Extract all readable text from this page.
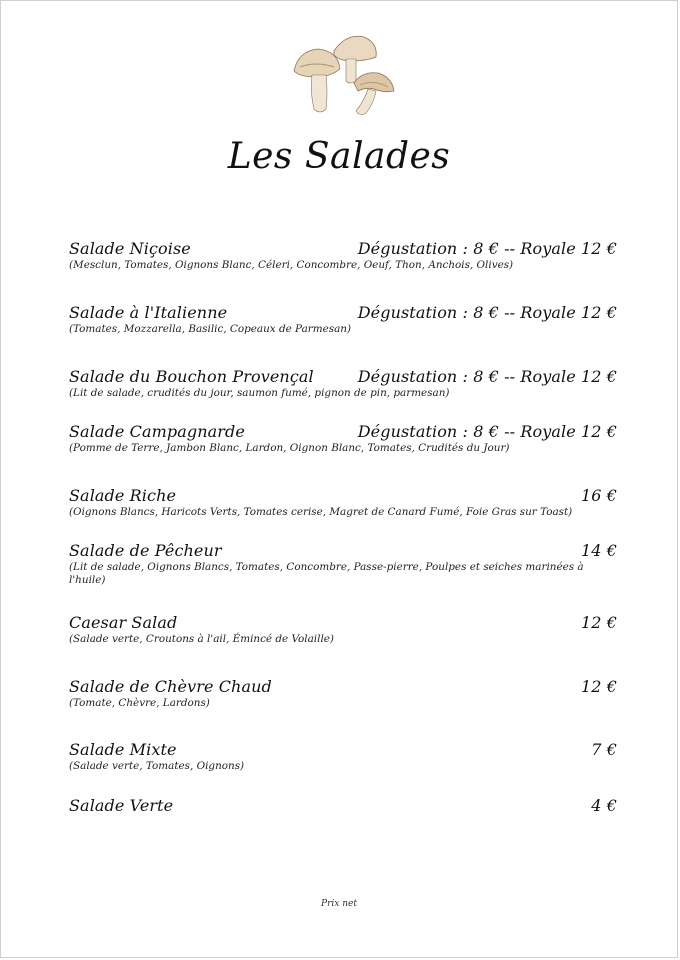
Les Salades
Salade Niçoise	Dégustation : 8 € -- Royale 12 €
(Mesclun, Tomates, Oignons Blanc, Céleri, Concombre, Oeuf, Thon, Anchois, Olives)
Salade à l'Italienne	Dégustation : 8 € -- Royale 12 €
(Tomates, Mozzarella, Basilic, Copeaux de Parmesan)
Salade du Bouchon Provençal	Dégustation : 8 € -- Royale 12 €
(Lit de salade, crudités du jour, saumon fumé, pignon de pin, parmesan)
Salade Campagnarde	Dégustation : 8 € -- Royale 12 €
(Pomme de Terre, Jambon Blanc, Lardon, Oignon Blanc, Tomates, Crudités du Jour)
Salade Riche	16 €
(Oignons Blancs, Haricots Verts, Tomates cerise, Magret de Canard Fumé, Foie Gras sur Toast)
Salade de Pêcheur	14 €
(Lit de salade, Oignons Blancs, Tomates, Concombre, Passe-pierre, Poulpes et seiches marinées à l'huile)
Caesar Salad	12 €
(Salade verte, Croutons à l'ail, Émincé de Volaille)
Salade de Chèvre Chaud	12 €
(Tomate, Chèvre, Lardons)
Salade Mixte	7 €
(Salade verte, Tomates, Oignons)
Salade Verte	4 €
Prix net
